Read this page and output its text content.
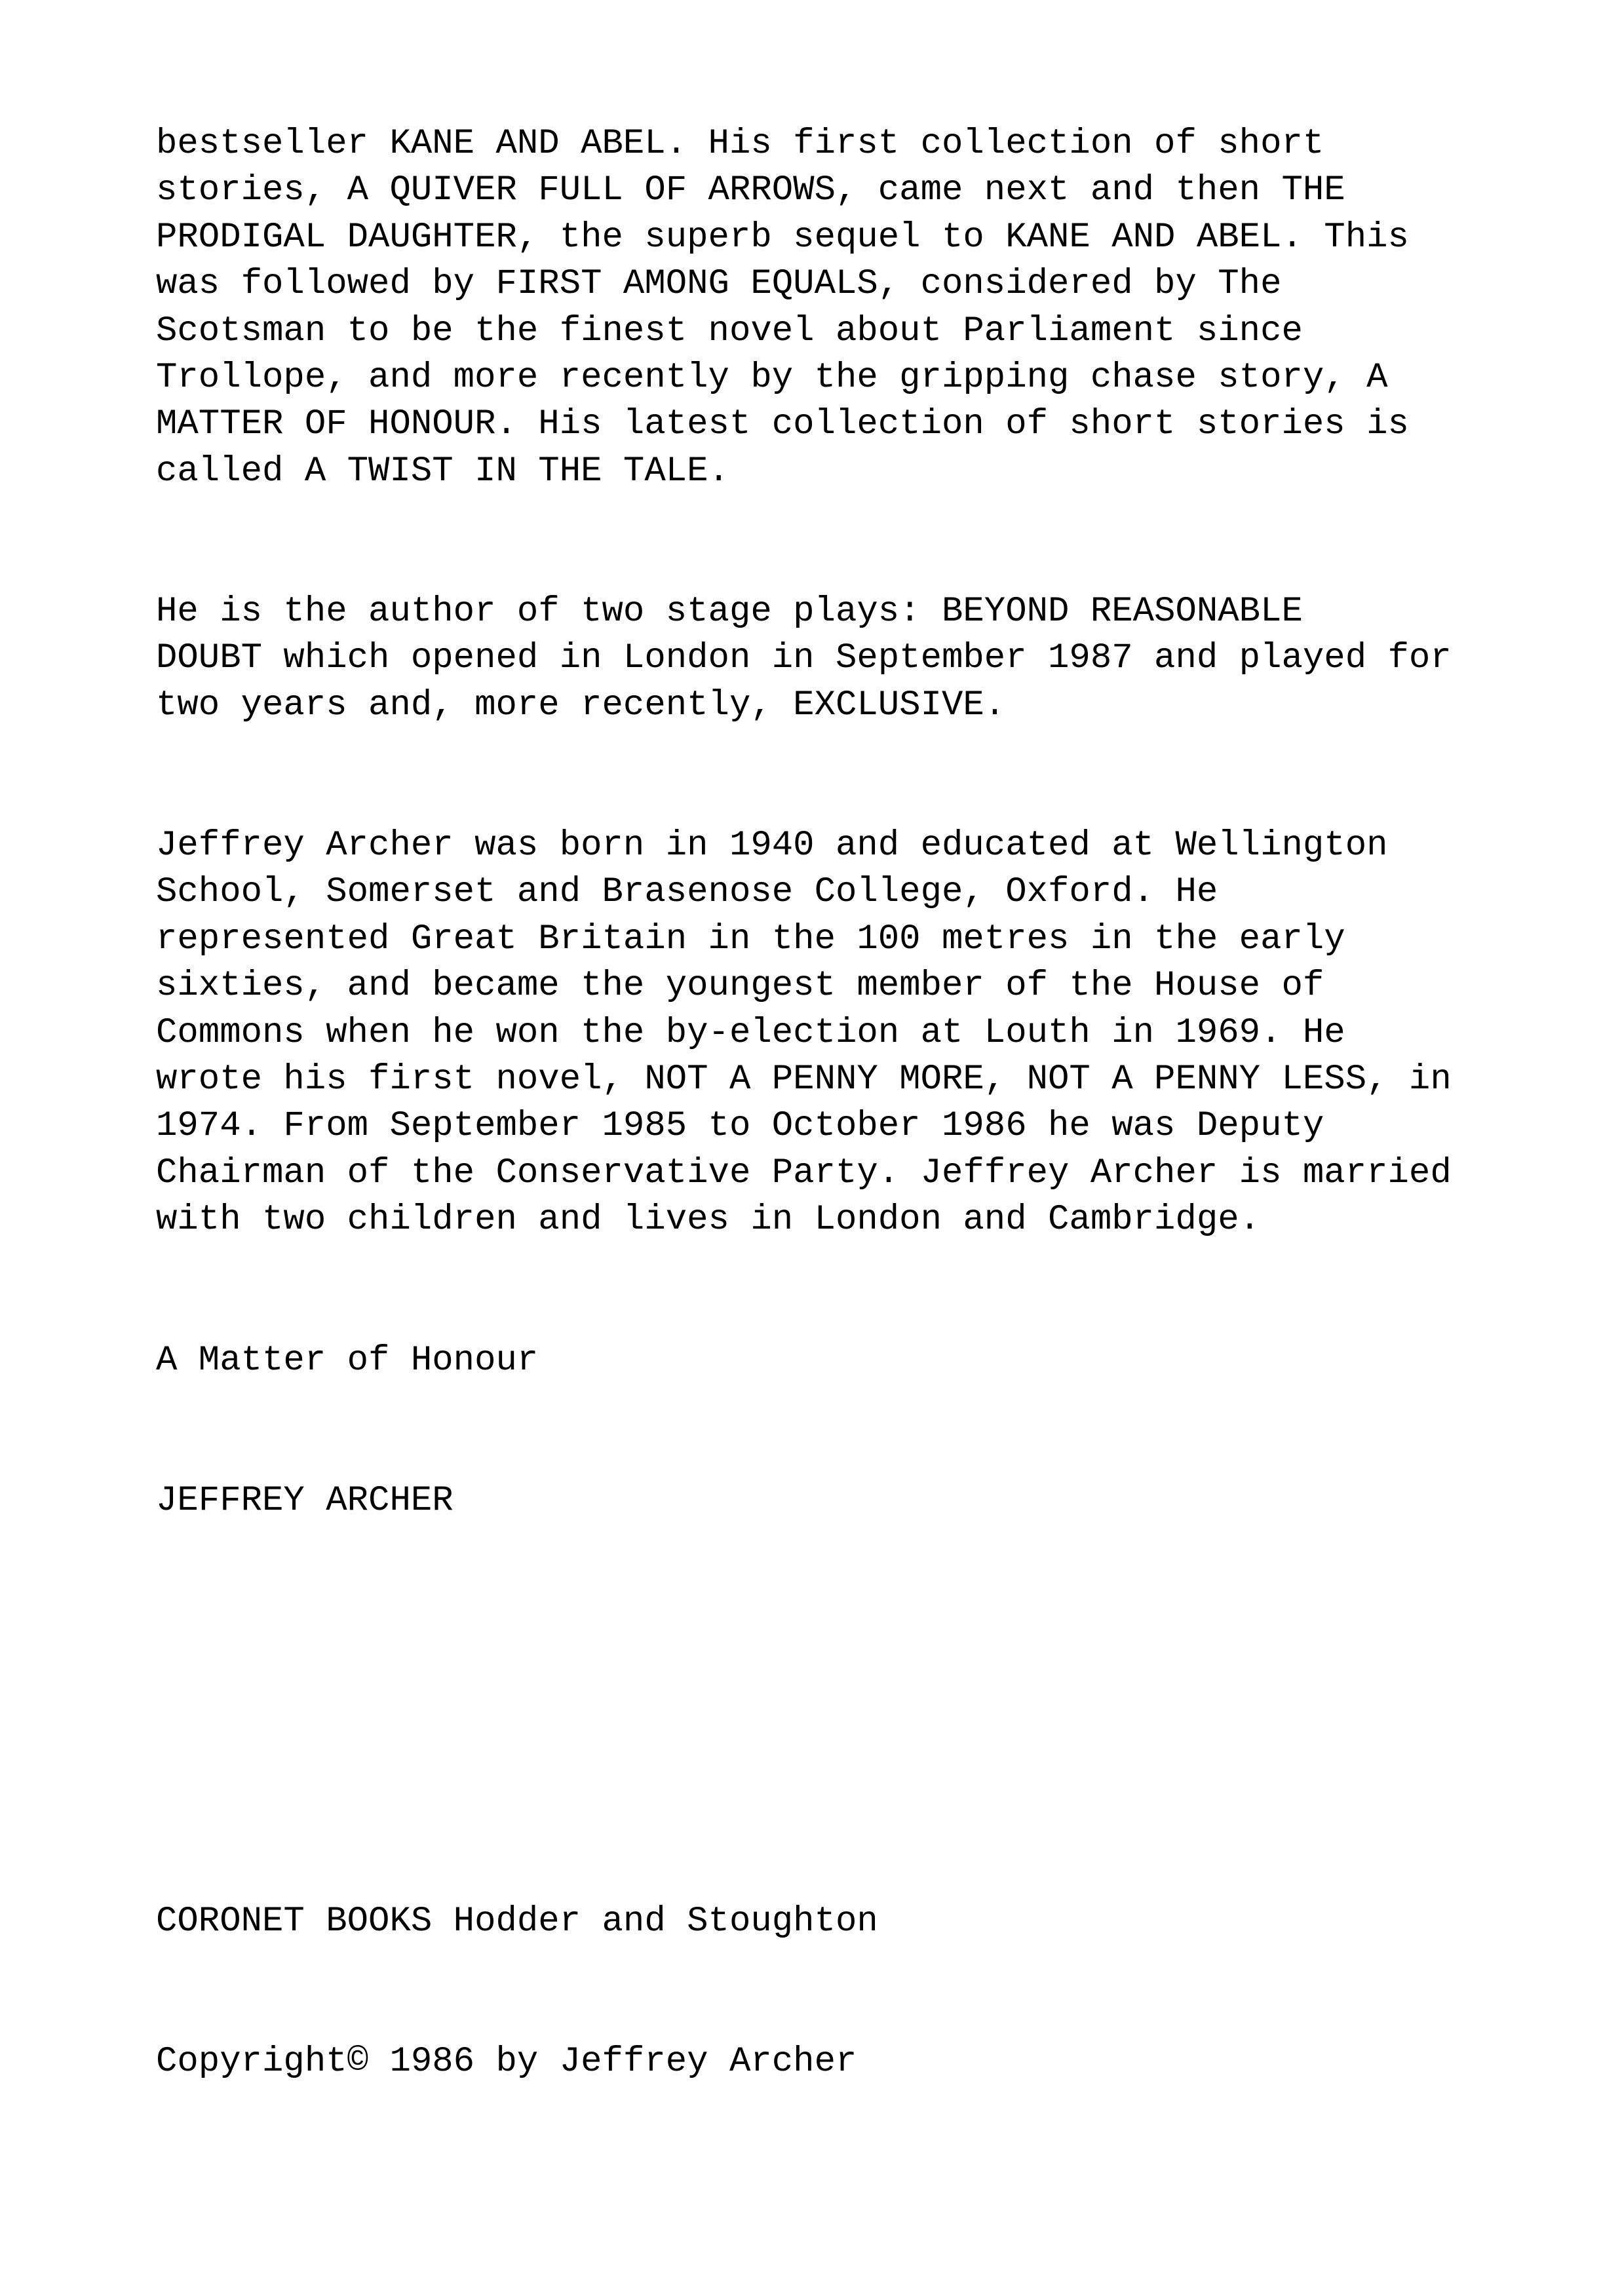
bestseller KANE AND ABEL. His first collection of short
stories, A QUIVER FULL OF ARROWS, came next and then THE
PRODIGAL DAUGHTER, the superb sequel to KANE AND ABEL. This
was followed by FIRST AMONG EQUALS, considered by The
Scotsman to be the finest novel about Parliament since
Trollope, and more recently by the gripping chase story, A
MATTER OF HONOUR. His latest collection of short stories is
called A TWIST IN THE TALE.

He is the author of two stage plays: BEYOND REASONABLE
DOUBT which opened in London in September 1987 and played for
two years and, more recently, EXCLUSIVE.

Jeffrey Archer was born in 1940 and educated at Wellington
School, Somerset and Brasenose College, Oxford. He
represented Great Britain in the 100 metres in the early
sixties, and became the youngest member of the House of
Commons when he won the by-election at Louth in 1969. He
wrote his first novel, NOT A PENNY MORE, NOT A PENNY LESS, in
1974. From September 1985 to October 1986 he was Deputy
Chairman of the Conservative Party. Jeffrey Archer is married
with two children and lives in London and Cambridge.

A Matter of Honour

JEFFREY ARCHER

CORONET BOOKS Hodder and Stoughton

Copyright© 1986 by Jeffrey Archer
